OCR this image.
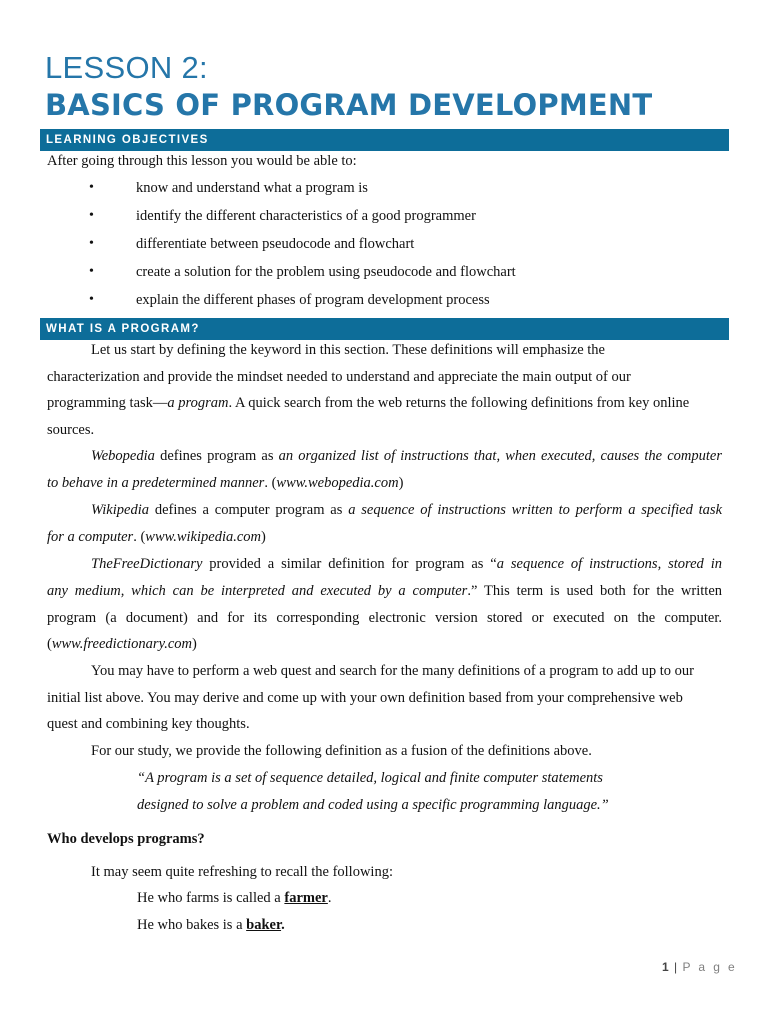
LESSON 2:
BASICS OF PROGRAM DEVELOPMENT
LEARNING OBJECTIVES

After going through this lesson you would be able to:

•	know and understand what a program is
•	identify the different characteristics of a good programmer
•	differentiate between pseudocode and flowchart
•	create a solution for the problem using pseudocode and flowchart
•	explain the different phases of program development process
WHAT IS A PROGRAM?

Let us start by defining the keyword in this section. These definitions will emphasize the

characterization and provide the mindset needed to understand and appreciate the main output of our

programming task—a program. A quick search from the web returns the following definitions from key online

sources.

Webopedia defines program as an organized list of instructions that, when executed, causes the computer

to behave in a predetermined manner. (www.webopedia.com)

Wikipedia defines a computer program as a sequence of instructions written to perform a specified task

for a computer. (www.wikipedia.com)

TheFreeDictionary provided a similar definition for program as “a sequence of instructions, stored in

any medium, which can be interpreted and executed by a computer.” This term is used both for the written

program (a document) and for its corresponding electronic version stored or executed on the computer.

(www.freedictionary.com)

You may have to perform a web quest and search for the many definitions of a program to add up to our

initial list above. You may derive and come up with your own definition based from your comprehensive web

quest and combining key thoughts.

For our study, we provide the following definition as a fusion of the definitions above.

“A program is a set of sequence detailed, logical and finite computer statements

designed to solve a problem and coded using a specific programming language.”

Who develops programs?

It may seem quite refreshing to recall the following:

He who farms is called a farmer.

He who bakes is a baker.

1 | P a g e
